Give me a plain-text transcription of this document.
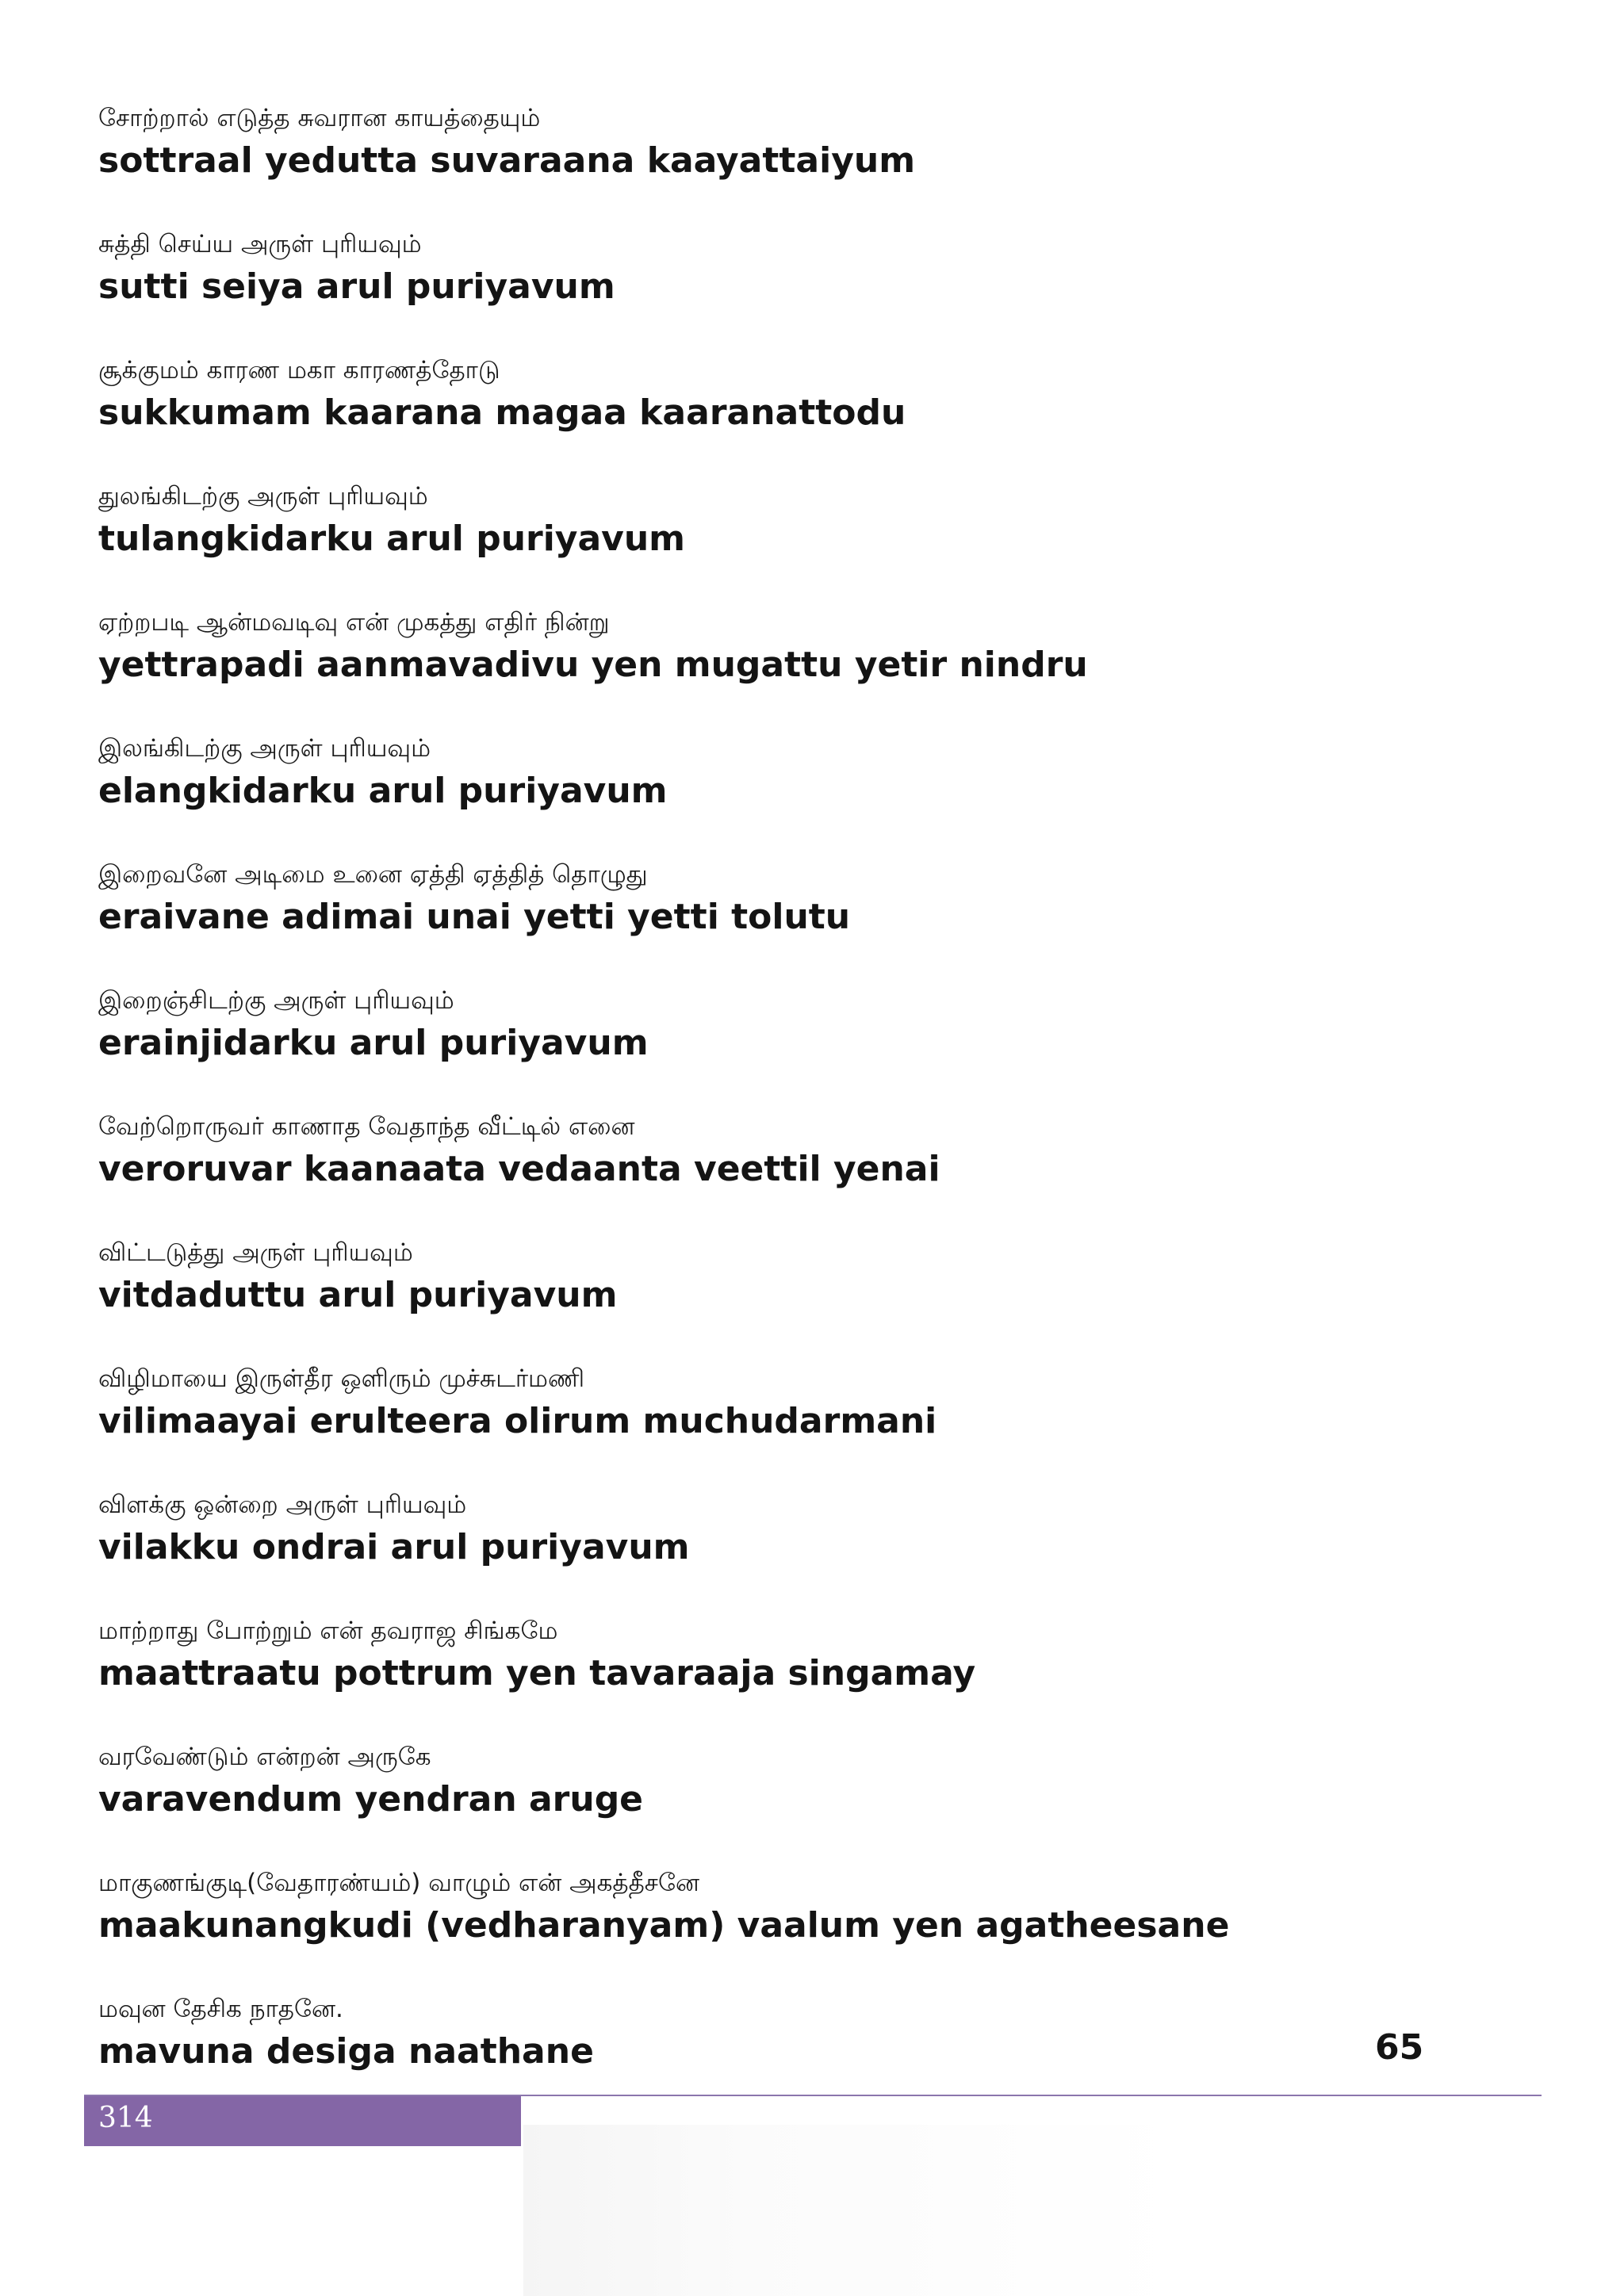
சோற்றால் எடுத்த சுவரான காயத்தையும்
sottraal yedutta suvaraana kaayattaiyum
சுத்தி செய்ய அருள் புரியவும்
sutti seiya arul puriyavum
சூக்குமம் காரண மகா காரணத்தோடு
sukkumam kaarana magaa kaaranattodu
துலங்கிடற்கு அருள் புரியவும்
tulangkidarku arul puriyavum
ஏற்றபடி ஆன்மவடிவு என் முகத்து எதிர் நின்று
yettrapadi aanmavadivu yen mugattu yetir nindru
இலங்கிடற்கு அருள் புரியவும்
elangkidarku arul puriyavum
இறைவனே அடிமை உனை ஏத்தி ஏத்தித் தொழுது
eraivane adimai unai yetti yetti tolutu
இறைஞ்சிடற்கு அருள் புரியவும்
erainjidarku arul puriyavum
வேற்றொருவர் காணாத வேதாந்த வீட்டில் எனை
veroruvar kaanaata vedaanta veettil yenai
விட்டடுத்து அருள் புரியவும்
vitdaduttu arul puriyavum
விழிமாயை இருள்தீர ஒளிரும் முச்சுடர்மணி
vilimaayai erulteera olirum muchudarmani
விளக்கு ஒன்றை அருள் புரியவும்
vilakku ondrai arul puriyavum
மாற்றாது போற்றும் என் தவராஜ சிங்கமே
maattraatu pottrum yen tavaraaja singamay
வரவேண்டும் என்றன் அருகே
varavendum yendran aruge
மாகுணங்குடி(வேதாரண்யம்) வாழும் என் அகத்தீசனே
maakunangkudi (vedharanyam) vaalum yen agatheesane
மவுன தேசிக நாதனே.
mavuna desiga naathane	65
314
